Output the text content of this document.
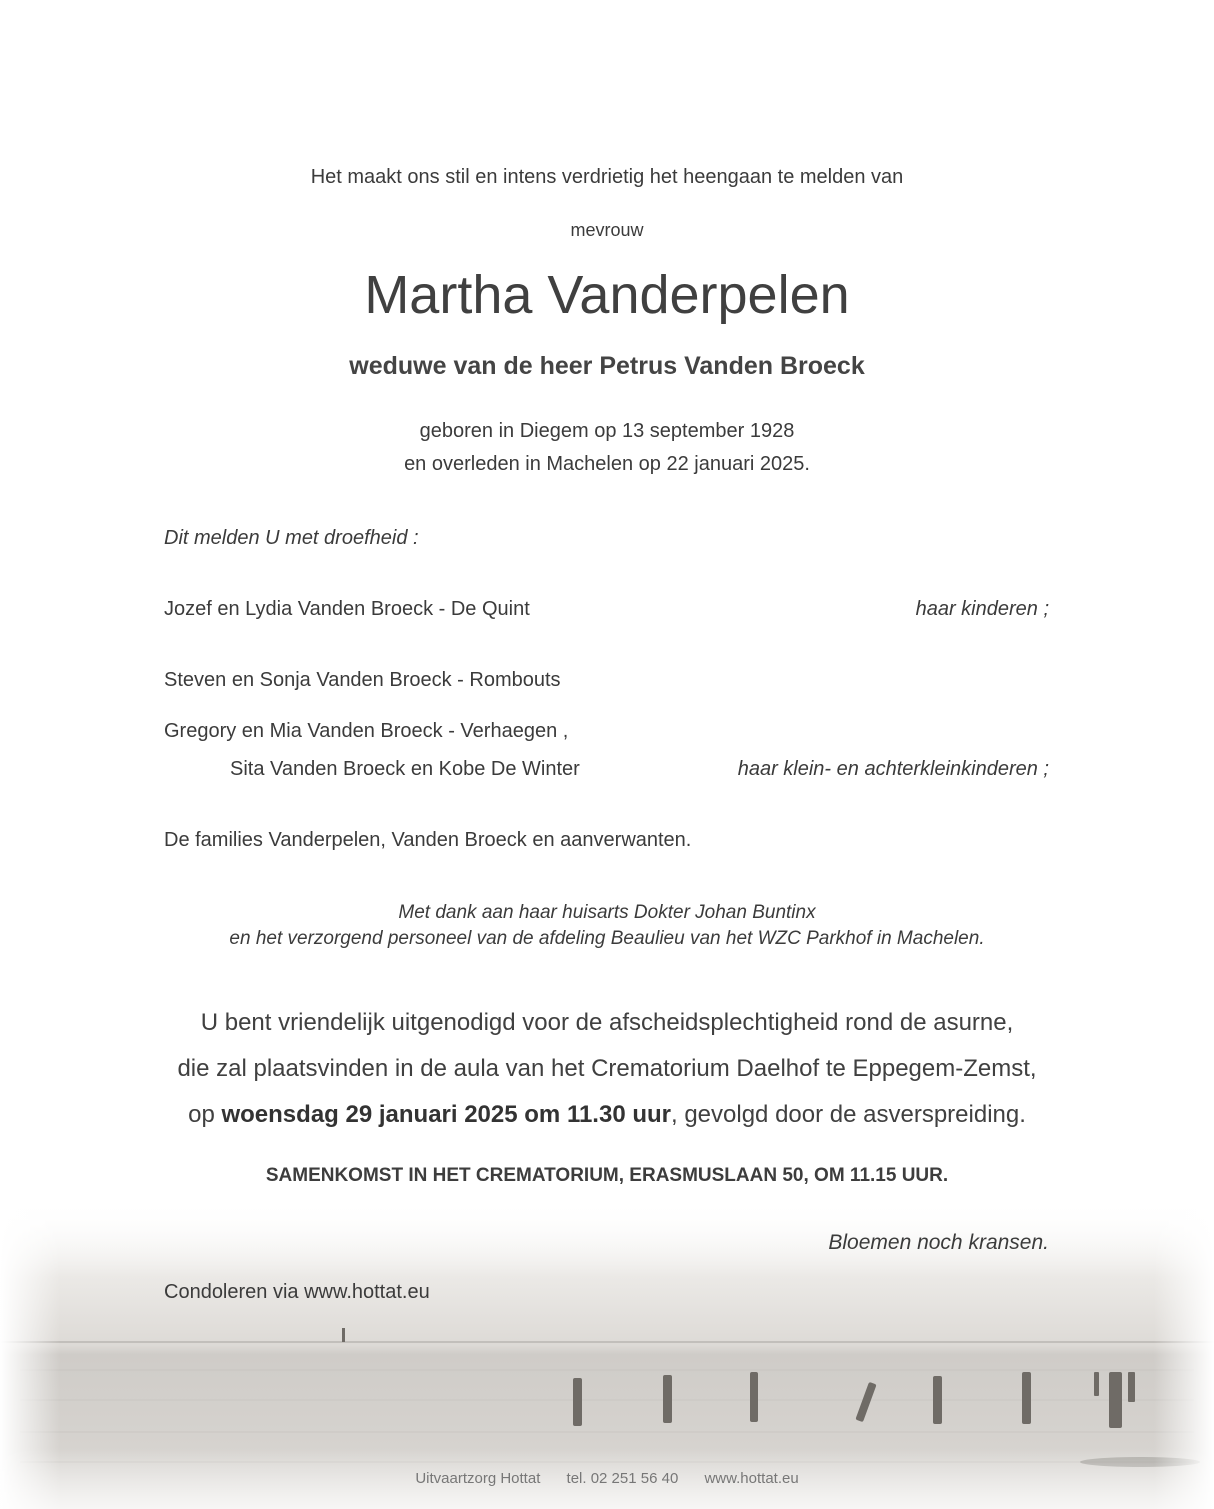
Het maakt ons stil en intens verdrietig het heengaan te melden van
mevrouw
Martha Vanderpelen
weduwe van de heer Petrus Vanden Broeck
geboren in Diegem op 13 september 1928
en overleden in Machelen op 22 januari 2025.
Dit melden U met droefheid :
Jozef en Lydia Vanden Broeck - De Quint	haar kinderen ;
Steven en Sonja Vanden Broeck - Rombouts
Gregory en Mia Vanden Broeck - Verhaegen ,
Sita Vanden Broeck en Kobe De Winter	haar klein- en achterkleinkinderen ;
De families Vanderpelen, Vanden Broeck en aanverwanten.
Met dank aan haar huisarts Dokter Johan Buntinx
en het verzorgend personeel van de afdeling Beaulieu van het WZC Parkhof in Machelen.
U bent vriendelijk uitgenodigd voor de afscheidsplechtigheid rond de asurne,
die zal plaatsvinden in de aula van het Crematorium Daelhof te Eppegem-Zemst,
op woensdag 29 januari 2025 om 11.30 uur, gevolgd door de asverspreiding.
SAMENKOMST IN HET CREMATORIUM, ERASMUSLAAN 50, OM 11.15 UUR.
Bloemen noch kransen.
Condoleren via www.hottat.eu
Uitvaartzorg Hottat tel. 02 251 56 40 www.hottat.eu
